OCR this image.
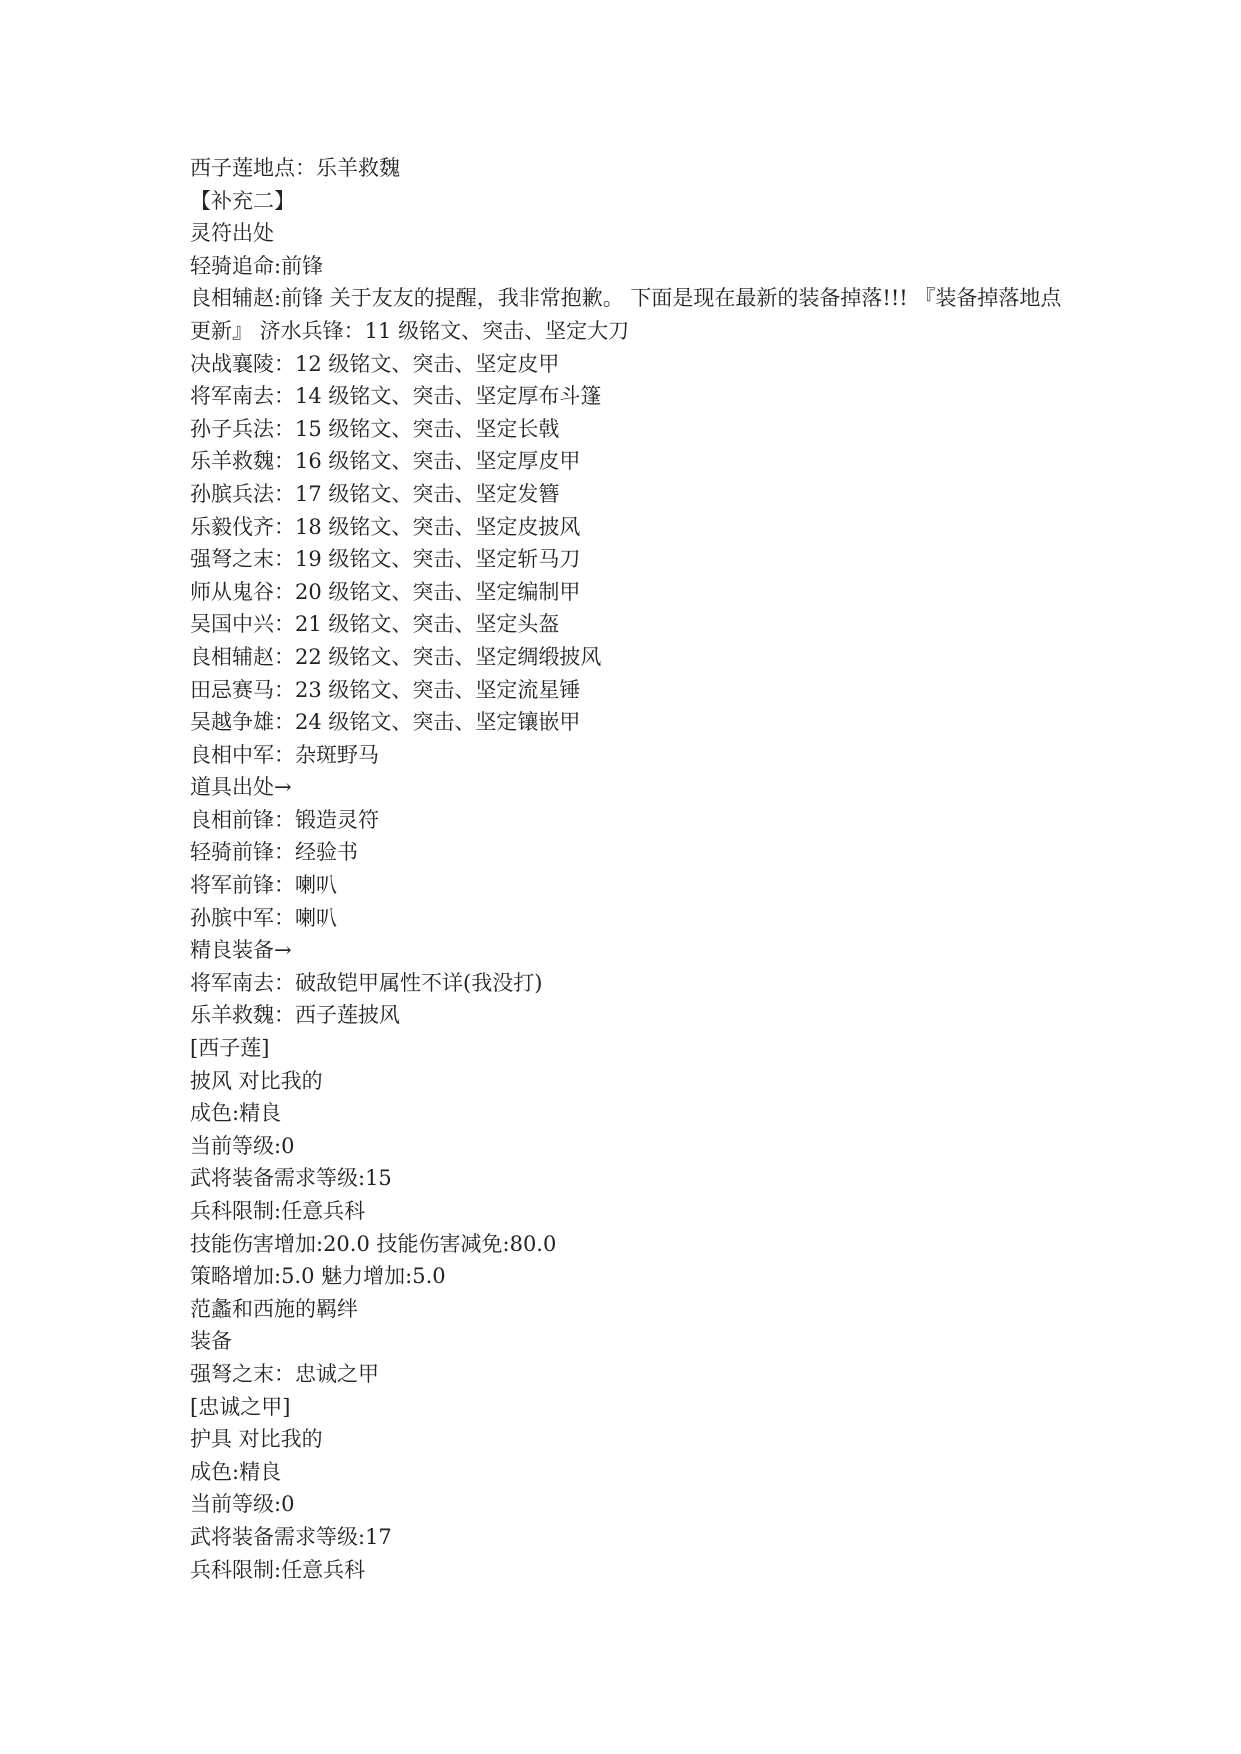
西子莲地点：乐羊救魏
【补充二】
灵符出处
轻骑追命:前锋
良相辅赵:前锋 关于友友的提醒，我非常抱歉。 下面是现在最新的装备掉落!!! 『装备掉落地点更新』 济水兵锋：11 级铭文、突击、坚定大刀
决战襄陵：12 级铭文、突击、坚定皮甲
将军南去：14 级铭文、突击、坚定厚布斗篷
孙子兵法：15 级铭文、突击、坚定长戟
乐羊救魏：16 级铭文、突击、坚定厚皮甲
孙膑兵法：17 级铭文、突击、坚定发簪
乐毅伐齐：18 级铭文、突击、坚定皮披风
强弩之末：19 级铭文、突击、坚定斩马刀
师从鬼谷：20 级铭文、突击、坚定编制甲
吴国中兴：21 级铭文、突击、坚定头盔
良相辅赵：22 级铭文、突击、坚定绸缎披风
田忌赛马：23 级铭文、突击、坚定流星锤
吴越争雄：24 级铭文、突击、坚定镶嵌甲
良相中军：杂斑野马
道具出处→
良相前锋：锻造灵符
轻骑前锋：经验书
将军前锋：喇叭
孙膑中军：喇叭
精良装备→
将军南去：破敌铠甲属性不详(我没打)
乐羊救魏：西子莲披风
[西子莲]
披风 对比我的
成色:精良
当前等级:0
武将装备需求等级:15
兵科限制:任意兵科
技能伤害增加:20.0 技能伤害减免:80.0
策略增加:5.0 魅力增加:5.0
范蠡和西施的羁绊
装备
强弩之末：忠诚之甲
[忠诚之甲]
护具 对比我的
成色:精良
当前等级:0
武将装备需求等级:17
兵科限制:任意兵科
